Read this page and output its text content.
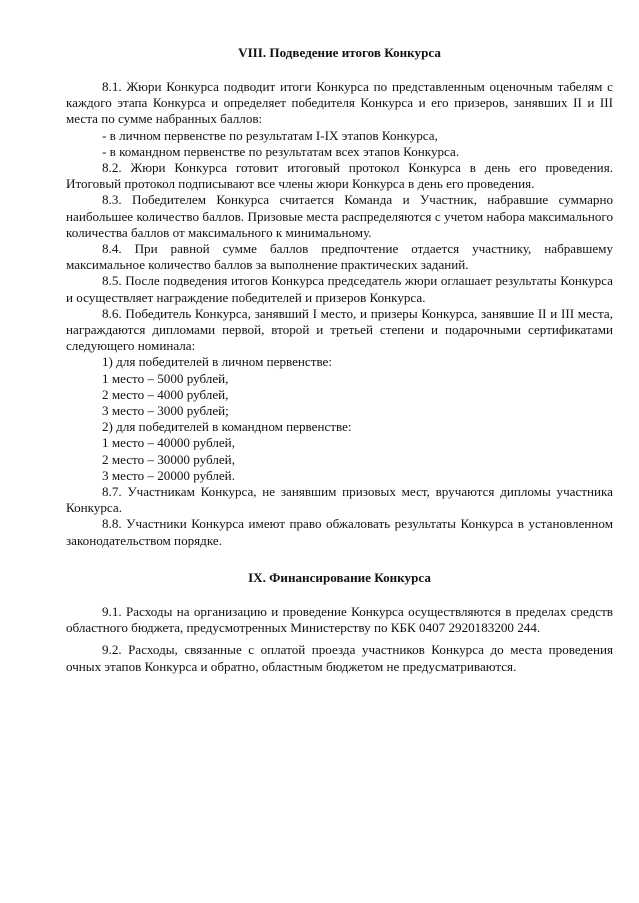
VIII. Подведение итогов Конкурса

8.1. Жюри Конкурса подводит итоги Конкурса по представленным оценочным табелям с каждого этапа Конкурса и определяет победителя Конкурса и его призеров, занявших II и III места по сумме набранных баллов:

- в личном первенстве по результатам I-IX этапов Конкурса,
- в командном первенстве по результатам всех этапов Конкурса.

8.2. Жюри Конкурса готовит итоговый протокол Конкурса в день его проведения. Итоговый протокол подписывают все члены жюри Конкурса в день его проведения.

8.3. Победителем Конкурса считается Команда и Участник, набравшие суммарно наибольшее количество баллов. Призовые места распределяются с учетом набора максимального количества баллов от максимального к минимальному.

8.4. При равной сумме баллов предпочтение отдается участнику, набравшему максимальное количество баллов за выполнение практических заданий.

8.5. После подведения итогов Конкурса председатель жюри оглашает результаты Конкурса и осуществляет награждение победителей и призеров Конкурса.

8.6. Победитель Конкурса, занявший I место, и призеры Конкурса, занявшие II и III места, награждаются дипломами первой, второй и третьей степени и подарочными сертификатами следующего номинала:

1) для победителей в личном первенстве:
1 место – 5000 рублей,
2 место – 4000 рублей,
3 место – 3000 рублей;
2) для победителей в командном первенстве:
1 место – 40000 рублей,
2 место – 30000 рублей,
3 место – 20000 рублей.

8.7. Участникам Конкурса, не занявшим призовых мест, вручаются дипломы участника Конкурса.

8.8. Участники Конкурса имеют право обжаловать результаты Конкурса в установленном законодательством порядке.

IX. Финансирование Конкурса

9.1. Расходы на организацию и проведение Конкурса осуществляются в пределах средств областного бюджета, предусмотренных Министерству по КБК 0407 2920183200 244.

9.2. Расходы, связанные с оплатой проезда участников Конкурса до места проведения очных этапов Конкурса и обратно, областным бюджетом не предусматриваются.
